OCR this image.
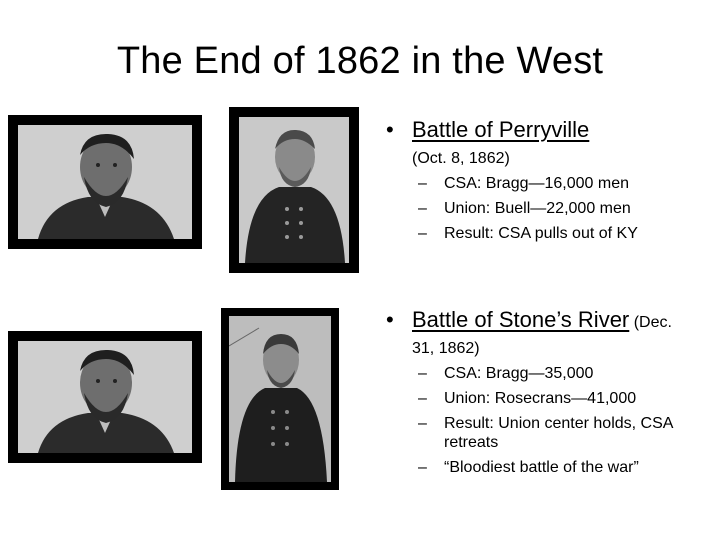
The End of 1862 in the West
• Battle of Perryville
(Oct. 8, 1862)
– CSA: Bragg—16,000 men
– Union: Buell—22,000 men
– Result: CSA pulls out of KY
• Battle of Stone’s River (Dec.
31, 1862)
– CSA: Bragg—35,000
– Union: Rosecrans—41,000
– Result: Union center holds, CSA retreats
– “Bloodiest battle of the war”
